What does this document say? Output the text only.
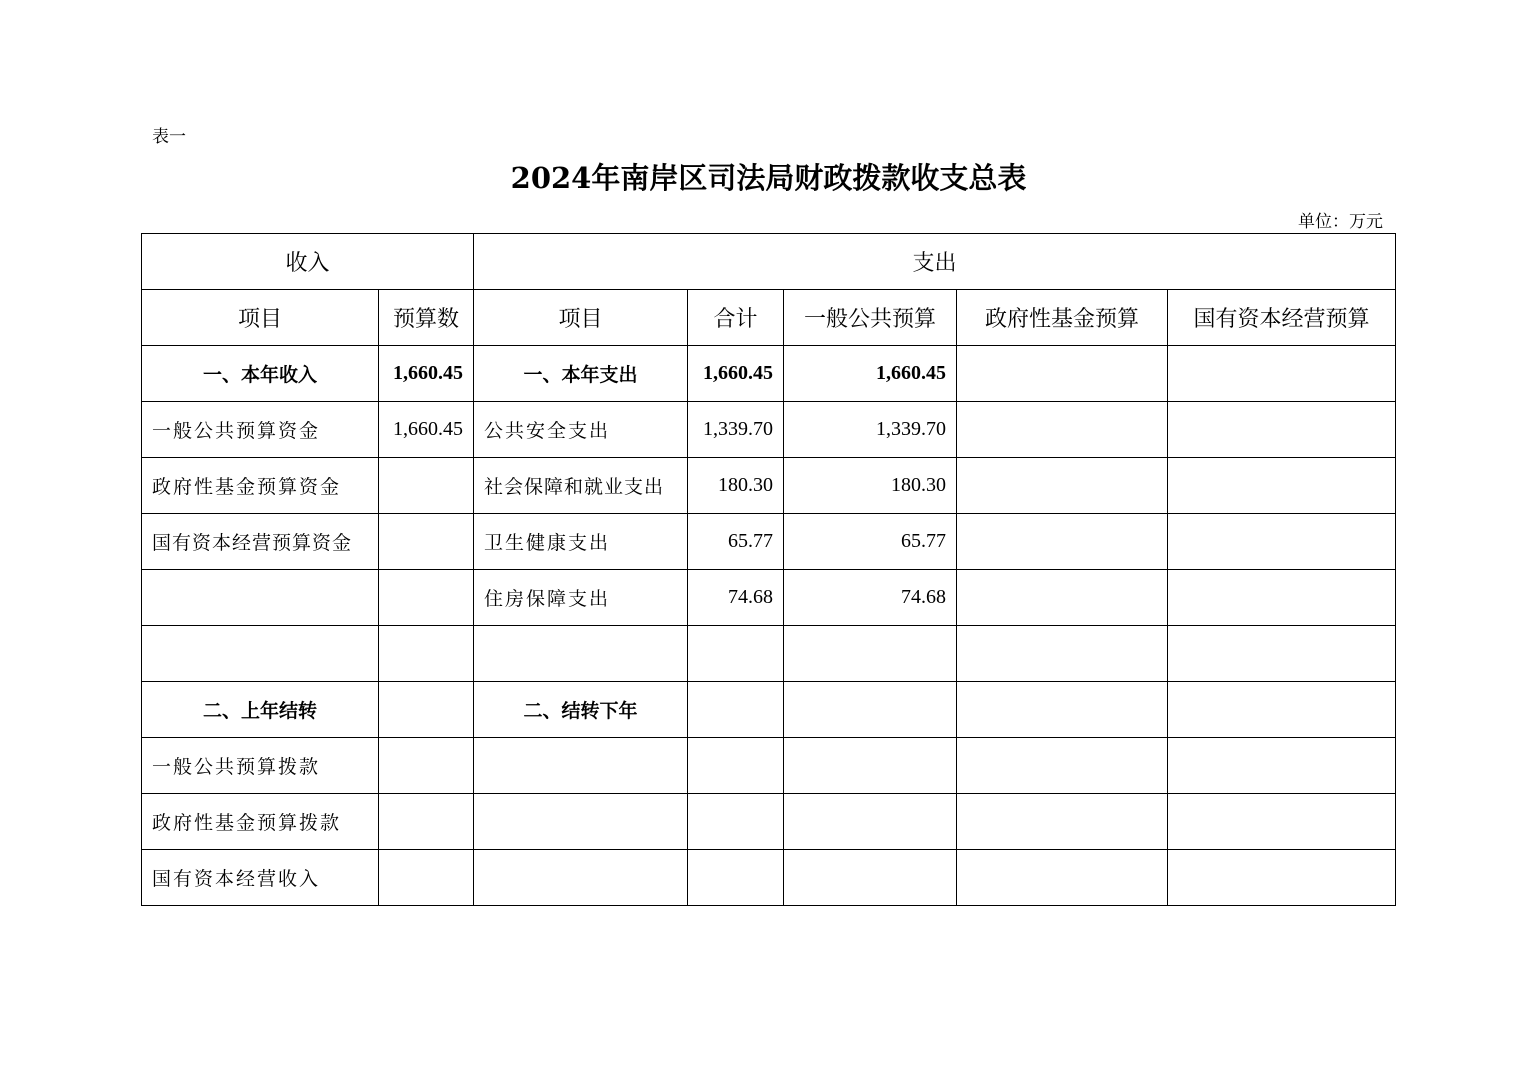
表一
2024年南岸区司法局财政拨款收支总表
单位：万元
收入		支出				
项目	预算数	项目	合计	一般公共预算	政府性基金预算	国有资本经营预算
一、本年收入	1,660.45	一、本年支出	1,660.45	1,660.45		
一般公共预算资金	1,660.45	公共安全支出	1,339.70	1,339.70		
政府性基金预算资金		社会保障和就业支出	180.30	180.30		
国有资本经营预算资金		卫生健康支出	65.77	65.77		
		住房保障支出	74.68	74.68		

二、上年结转		二、结转下年				
一般公共预算拨款						
政府性基金预算拨款						
国有资本经营收入						
